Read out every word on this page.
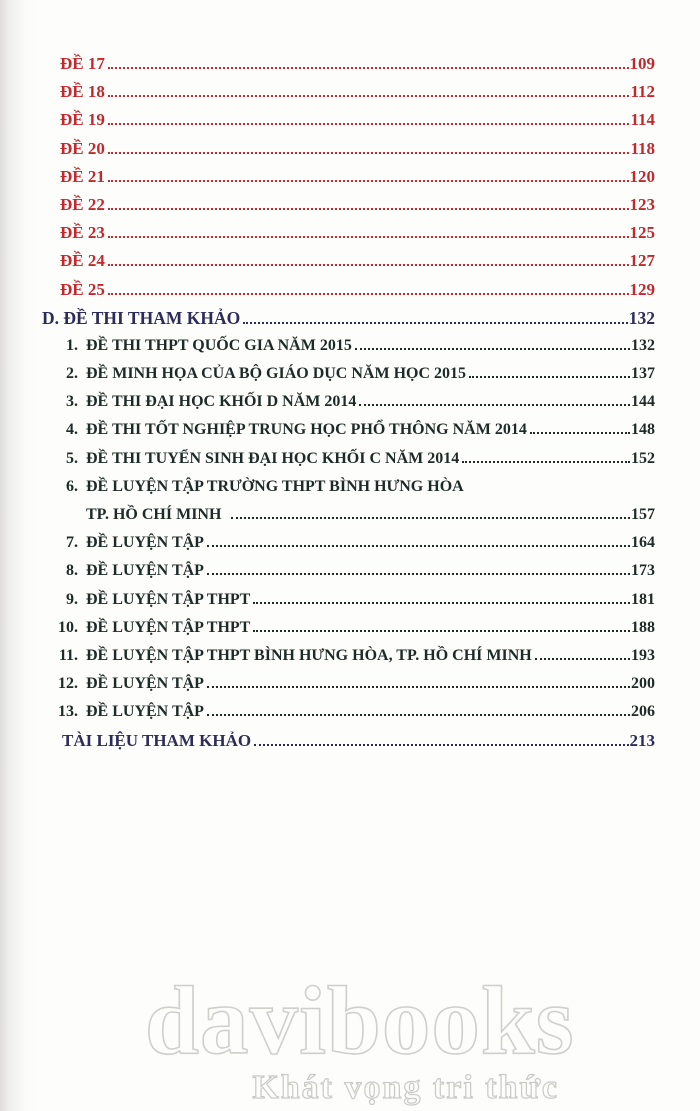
ĐỀ 17	109
ĐỀ 18	112
ĐỀ 19	114
ĐỀ 20	118
ĐỀ 21	120
ĐỀ 22	123
ĐỀ 23	125
ĐỀ 24	127
ĐỀ 25	129
D. ĐỀ THI THAM KHẢO	132
1. ĐỀ THI THPT QUỐC GIA NĂM 2015	132
2. ĐỀ MINH HỌA CỦA BỘ GIÁO DỤC NĂM HỌC 2015	137
3. ĐỀ THI ĐẠI HỌC KHỐI D NĂM 2014	144
4. ĐỀ THI TỐT NGHIỆP TRUNG HỌC PHỔ THÔNG NĂM 2014	148
5. ĐỀ THI TUYỂN SINH ĐẠI HỌC KHỐI C NĂM 2014	152
6. ĐỀ LUYỆN TẬP TRƯỜNG THPT BÌNH HƯNG HÒA
TP. HỒ CHÍ MINH	157
7. ĐỀ LUYỆN TẬP	164
8. ĐỀ LUYỆN TẬP	173
9. ĐỀ LUYỆN TẬP THPT	181
10. ĐỀ LUYỆN TẬP THPT	188
11. ĐỀ LUYỆN TẬP THPT BÌNH HƯNG HÒA, TP. HỒ CHÍ MINH	193
12. ĐỀ LUYỆN TẬP	200
13. ĐỀ LUYỆN TẬP	206
TÀI LIỆU THAM KHẢO	213
davibooks
Khát vọng tri thức
